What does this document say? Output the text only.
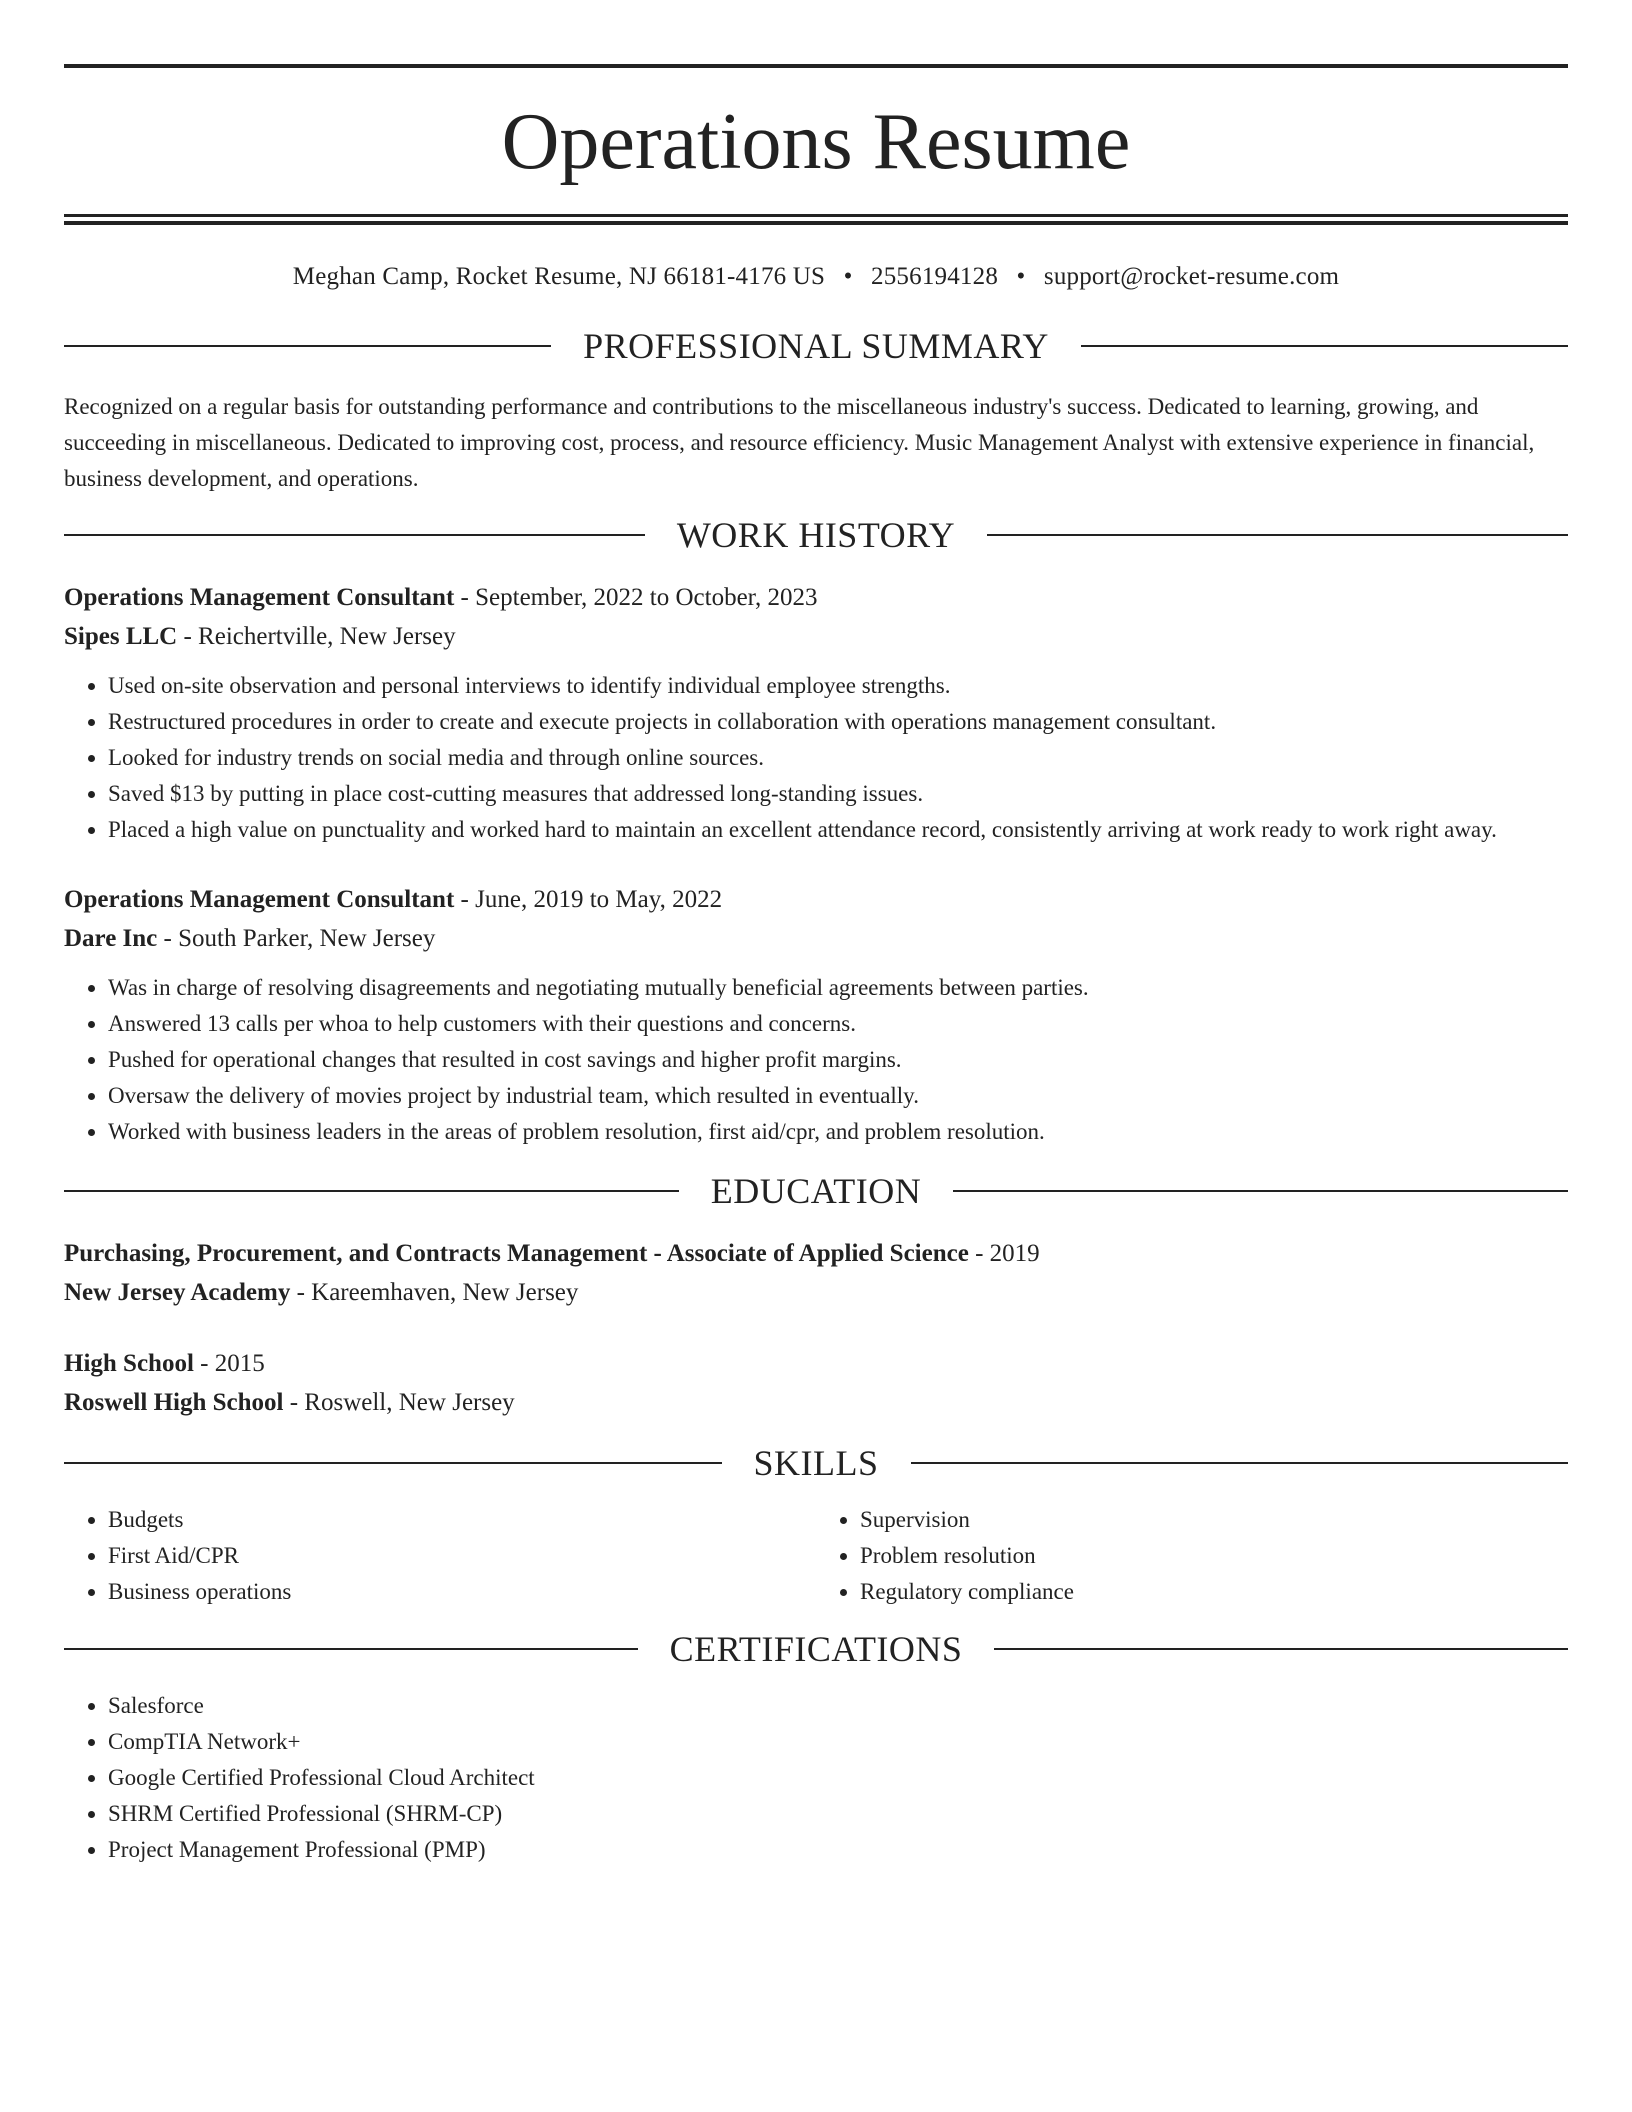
Operations Resume
Meghan Camp, Rocket Resume, NJ 66181-4176 US • 2556194128 • support@rocket-resume.com
PROFESSIONAL SUMMARY

Recognized on a regular basis for outstanding performance and contributions to the miscellaneous industry's success. Dedicated to learning, growing, and succeeding in miscellaneous. Dedicated to improving cost, process, and resource efficiency. Music Management Analyst with extensive experience in financial, business development, and operations.

WORK HISTORY

Operations Management Consultant - September, 2022 to October, 2023

Sipes LLC - Reichertville, New Jersey

• Used on-site observation and personal interviews to identify individual employee strengths.
• Restructured procedures in order to create and execute projects in collaboration with operations management consultant.
• Looked for industry trends on social media and through online sources.
• Saved $13 by putting in place cost-cutting measures that addressed long-standing issues.
• Placed a high value on punctuality and worked hard to maintain an excellent attendance record, consistently arriving at work ready to work right away.

Operations Management Consultant - June, 2019 to May, 2022

Dare Inc - South Parker, New Jersey

• Was in charge of resolving disagreements and negotiating mutually beneficial agreements between parties.
• Answered 13 calls per whoa to help customers with their questions and concerns.
• Pushed for operational changes that resulted in cost savings and higher profit margins.
• Oversaw the delivery of movies project by industrial team, which resulted in eventually.
• Worked with business leaders in the areas of problem resolution, first aid/cpr, and problem resolution.
EDUCATION

Purchasing, Procurement, and Contracts Management - Associate of Applied Science - 2019

New Jersey Academy - Kareemhaven, New Jersey

High School - 2015

Roswell High School - Roswell, New Jersey

SKILLS
• Budgets
• First Aid/CPR
• Business operations
• Supervision
• Problem resolution
• Regulatory compliance
CERTIFICATIONS
• Salesforce
• CompTIA Network+
• Google Certified Professional Cloud Architect
• SHRM Certified Professional (SHRM-CP)
• Project Management Professional (PMP)
